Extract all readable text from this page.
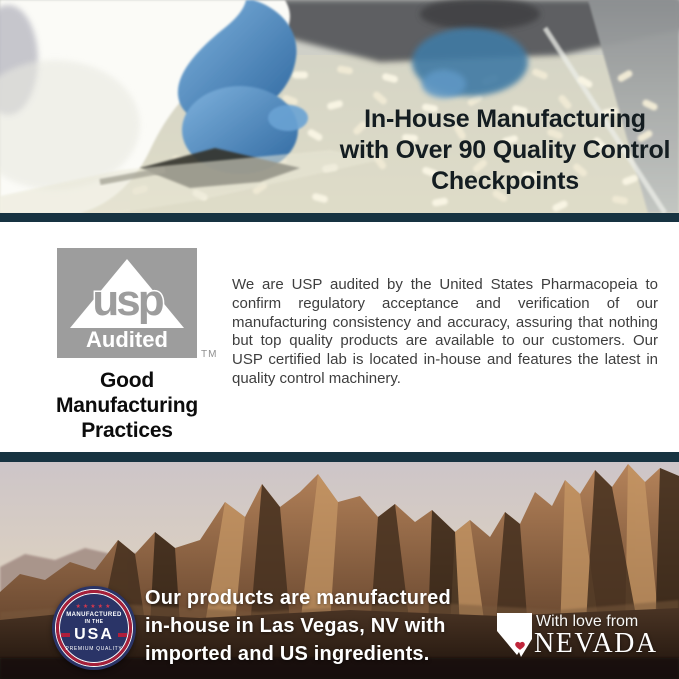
In-House Manufacturing
with Over 90 Quality Control
Checkpoints
usp
Audited
TM
Good
Manufacturing
Practices

We are USP audited by the United States Pharmacopeia to confirm regulatory acceptance and verification of our manufacturing consistency and accuracy, assuring that nothing but top quality products are available to our customers. Our USP certified lab is located in-house and features the latest in quality control machinery.

★★★★★
MANUFACTURED
IN THE
USA
PREMIUM QUALITY
Our products are manufactured
in-house in Las Vegas, NV with
imported and US ingredients.
With love from
NEVADA
